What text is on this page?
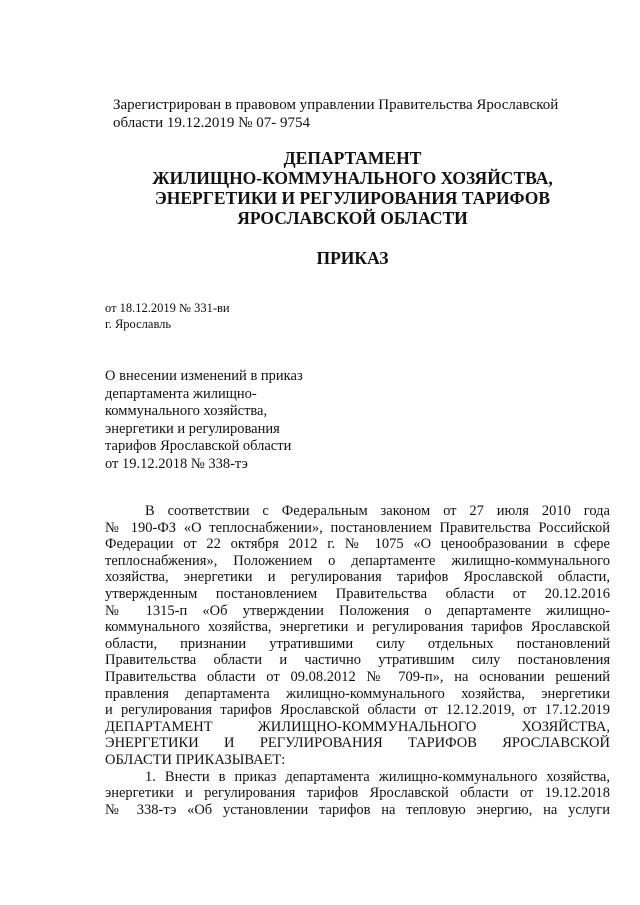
Зарегистрирован в правовом управлении Правительства Ярославской
области 19.12.2019 № 07- 9754
ДЕПАРТАМЕНТ
ЖИЛИЩНО-КОММУНАЛЬНОГО ХОЗЯЙСТВА,
ЭНЕРГЕТИКИ И РЕГУЛИРОВАНИЯ ТАРИФОВ
ЯРОСЛАВСКОЙ ОБЛАСТИ
ПРИКАЗ
от 18.12.2019 № 331-ви
г. Ярославль
О внесении изменений в приказ
департамента жилищно-
коммунального хозяйства,
энергетики и регулирования
тарифов Ярославской области
от 19.12.2018 № 338-тэ
В соответствии с Федеральным законом от 27 июля 2010 года
№ 190-ФЗ «О теплоснабжении», постановлением Правительства Российской
Федерации от 22 октября 2012 г. № 1075 «О ценообразовании в сфере
теплоснабжения», Положением о департаменте жилищно-коммунального
хозяйства, энергетики и регулирования тарифов Ярославской области,
утвержденным постановлением Правительства области от 20.12.2016
№ 1315-п «Об утверждении Положения о департаменте жилищно-
коммунального хозяйства, энергетики и регулирования тарифов Ярославской
области, признании утратившими силу отдельных постановлений
Правительства области и частично утратившим силу постановления
Правительства области от 09.08.2012 № 709-п», на основании решений
правления департамента жилищно-коммунального хозяйства, энергетики
и регулирования тарифов Ярославской области от 12.12.2019, от 17.12.2019
ДЕПАРТАМЕНТ ЖИЛИЩНО-КОММУНАЛЬНОГО ХОЗЯЙСТВА,
ЭНЕРГЕТИКИ И РЕГУЛИРОВАНИЯ ТАРИФОВ ЯРОСЛАВСКОЙ
ОБЛАСТИ ПРИКАЗЫВАЕТ:
1. Внести в приказ департамента жилищно-коммунального хозяйства,
энергетики и регулирования тарифов Ярославской области от 19.12.2018
№ 338-тэ «Об установлении тарифов на тепловую энергию, на услуги
